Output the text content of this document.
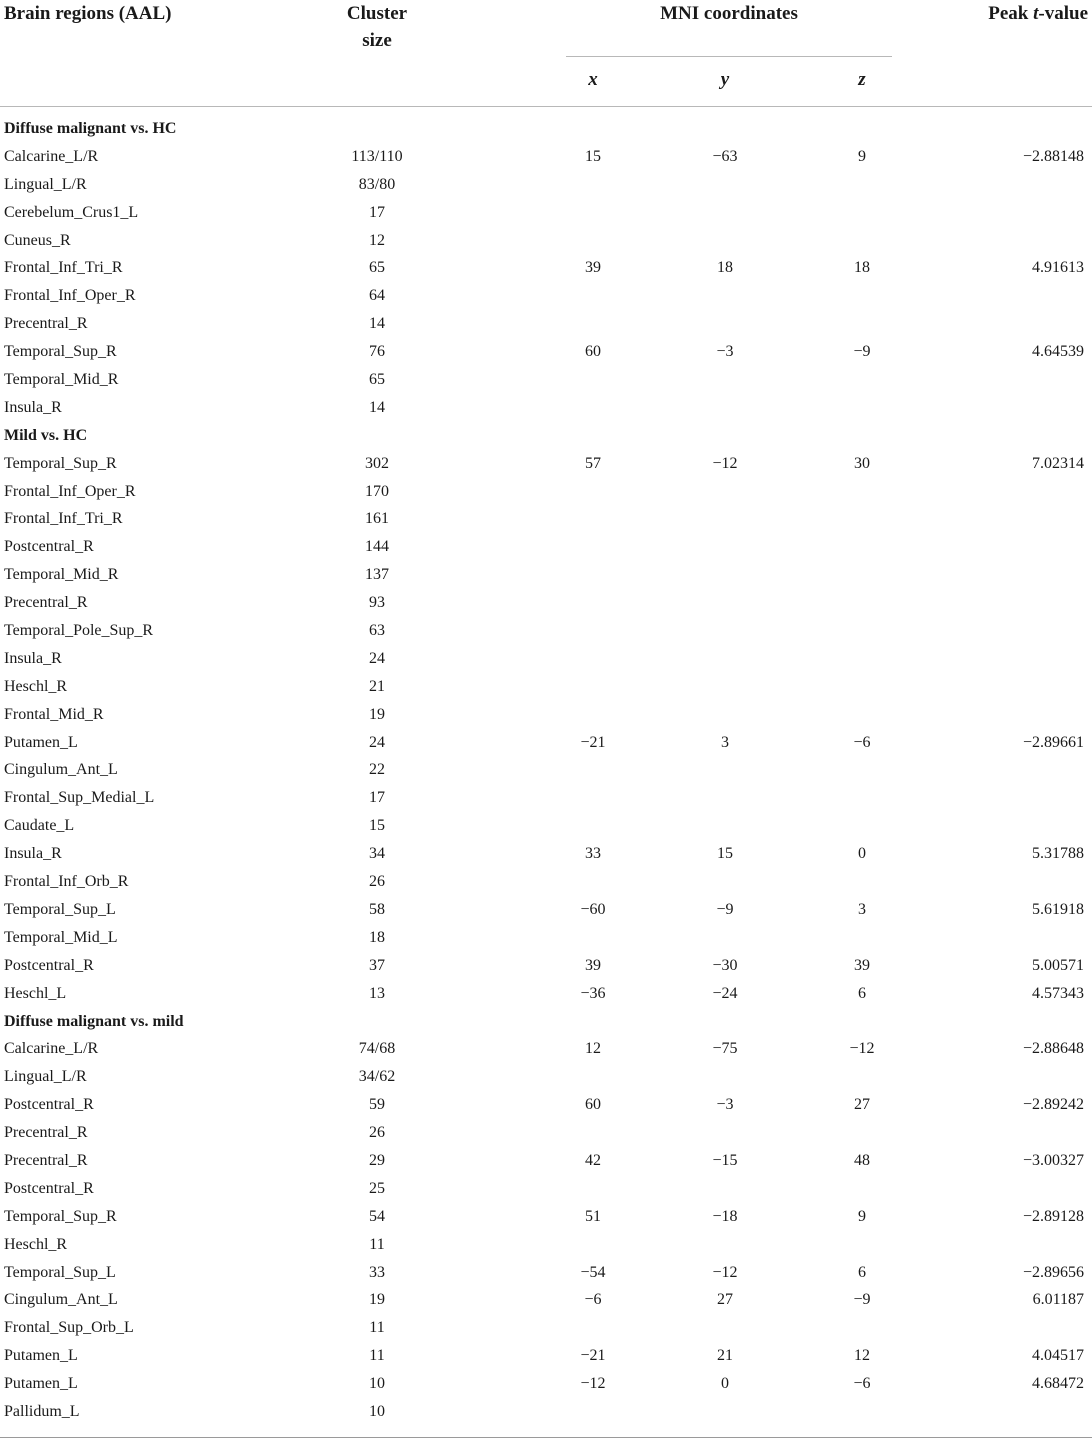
Brain regions (AAL)	Cluster
size
MNI coordinates
x	y	z
Peak t-value
Diffuse malignant vs. HC
Calcarine_L/R	113/110	15	−63	9	−2.88148
Lingual_L/R	83/80
Cerebelum_Crus1_L	17
Cuneus_R	12
Frontal_Inf_Tri_R	65	39	18	18	4.91613
Frontal_Inf_Oper_R	64
Precentral_R	14
Temporal_Sup_R	76	60	−3	−9	4.64539
Temporal_Mid_R	65
Insula_R	14
Mild vs. HC
Temporal_Sup_R	302	57	−12	30	7.02314
Frontal_Inf_Oper_R	170
Frontal_Inf_Tri_R	161
Postcentral_R	144
Temporal_Mid_R	137
Precentral_R	93
Temporal_Pole_Sup_R	63
Insula_R	24
Heschl_R	21
Frontal_Mid_R	19
Putamen_L	24	−21	3	−6	−2.89661
Cingulum_Ant_L	22
Frontal_Sup_Medial_L	17
Caudate_L	15
Insula_R	34	33	15	0	5.31788
Frontal_Inf_Orb_R	26
Temporal_Sup_L	58	−60	−9	3	5.61918
Temporal_Mid_L	18
Postcentral_R	37	39	−30	39	5.00571
Heschl_L	13	−36	−24	6	4.57343
Diffuse malignant vs. mild
Calcarine_L/R	74/68	12	−75	−12	−2.88648
Lingual_L/R	34/62
Postcentral_R	59	60	−3	27	−2.89242
Precentral_R	26
Precentral_R	29	42	−15	48	−3.00327
Postcentral_R	25
Temporal_Sup_R	54	51	−18	9	−2.89128
Heschl_R	11
Temporal_Sup_L	33	−54	−12	6	−2.89656
Cingulum_Ant_L	19	−6	27	−9	6.01187
Frontal_Sup_Orb_L	11
Putamen_L	11	−21	21	12	4.04517
Putamen_L	10	−12	0	−6	4.68472
Pallidum_L	10
